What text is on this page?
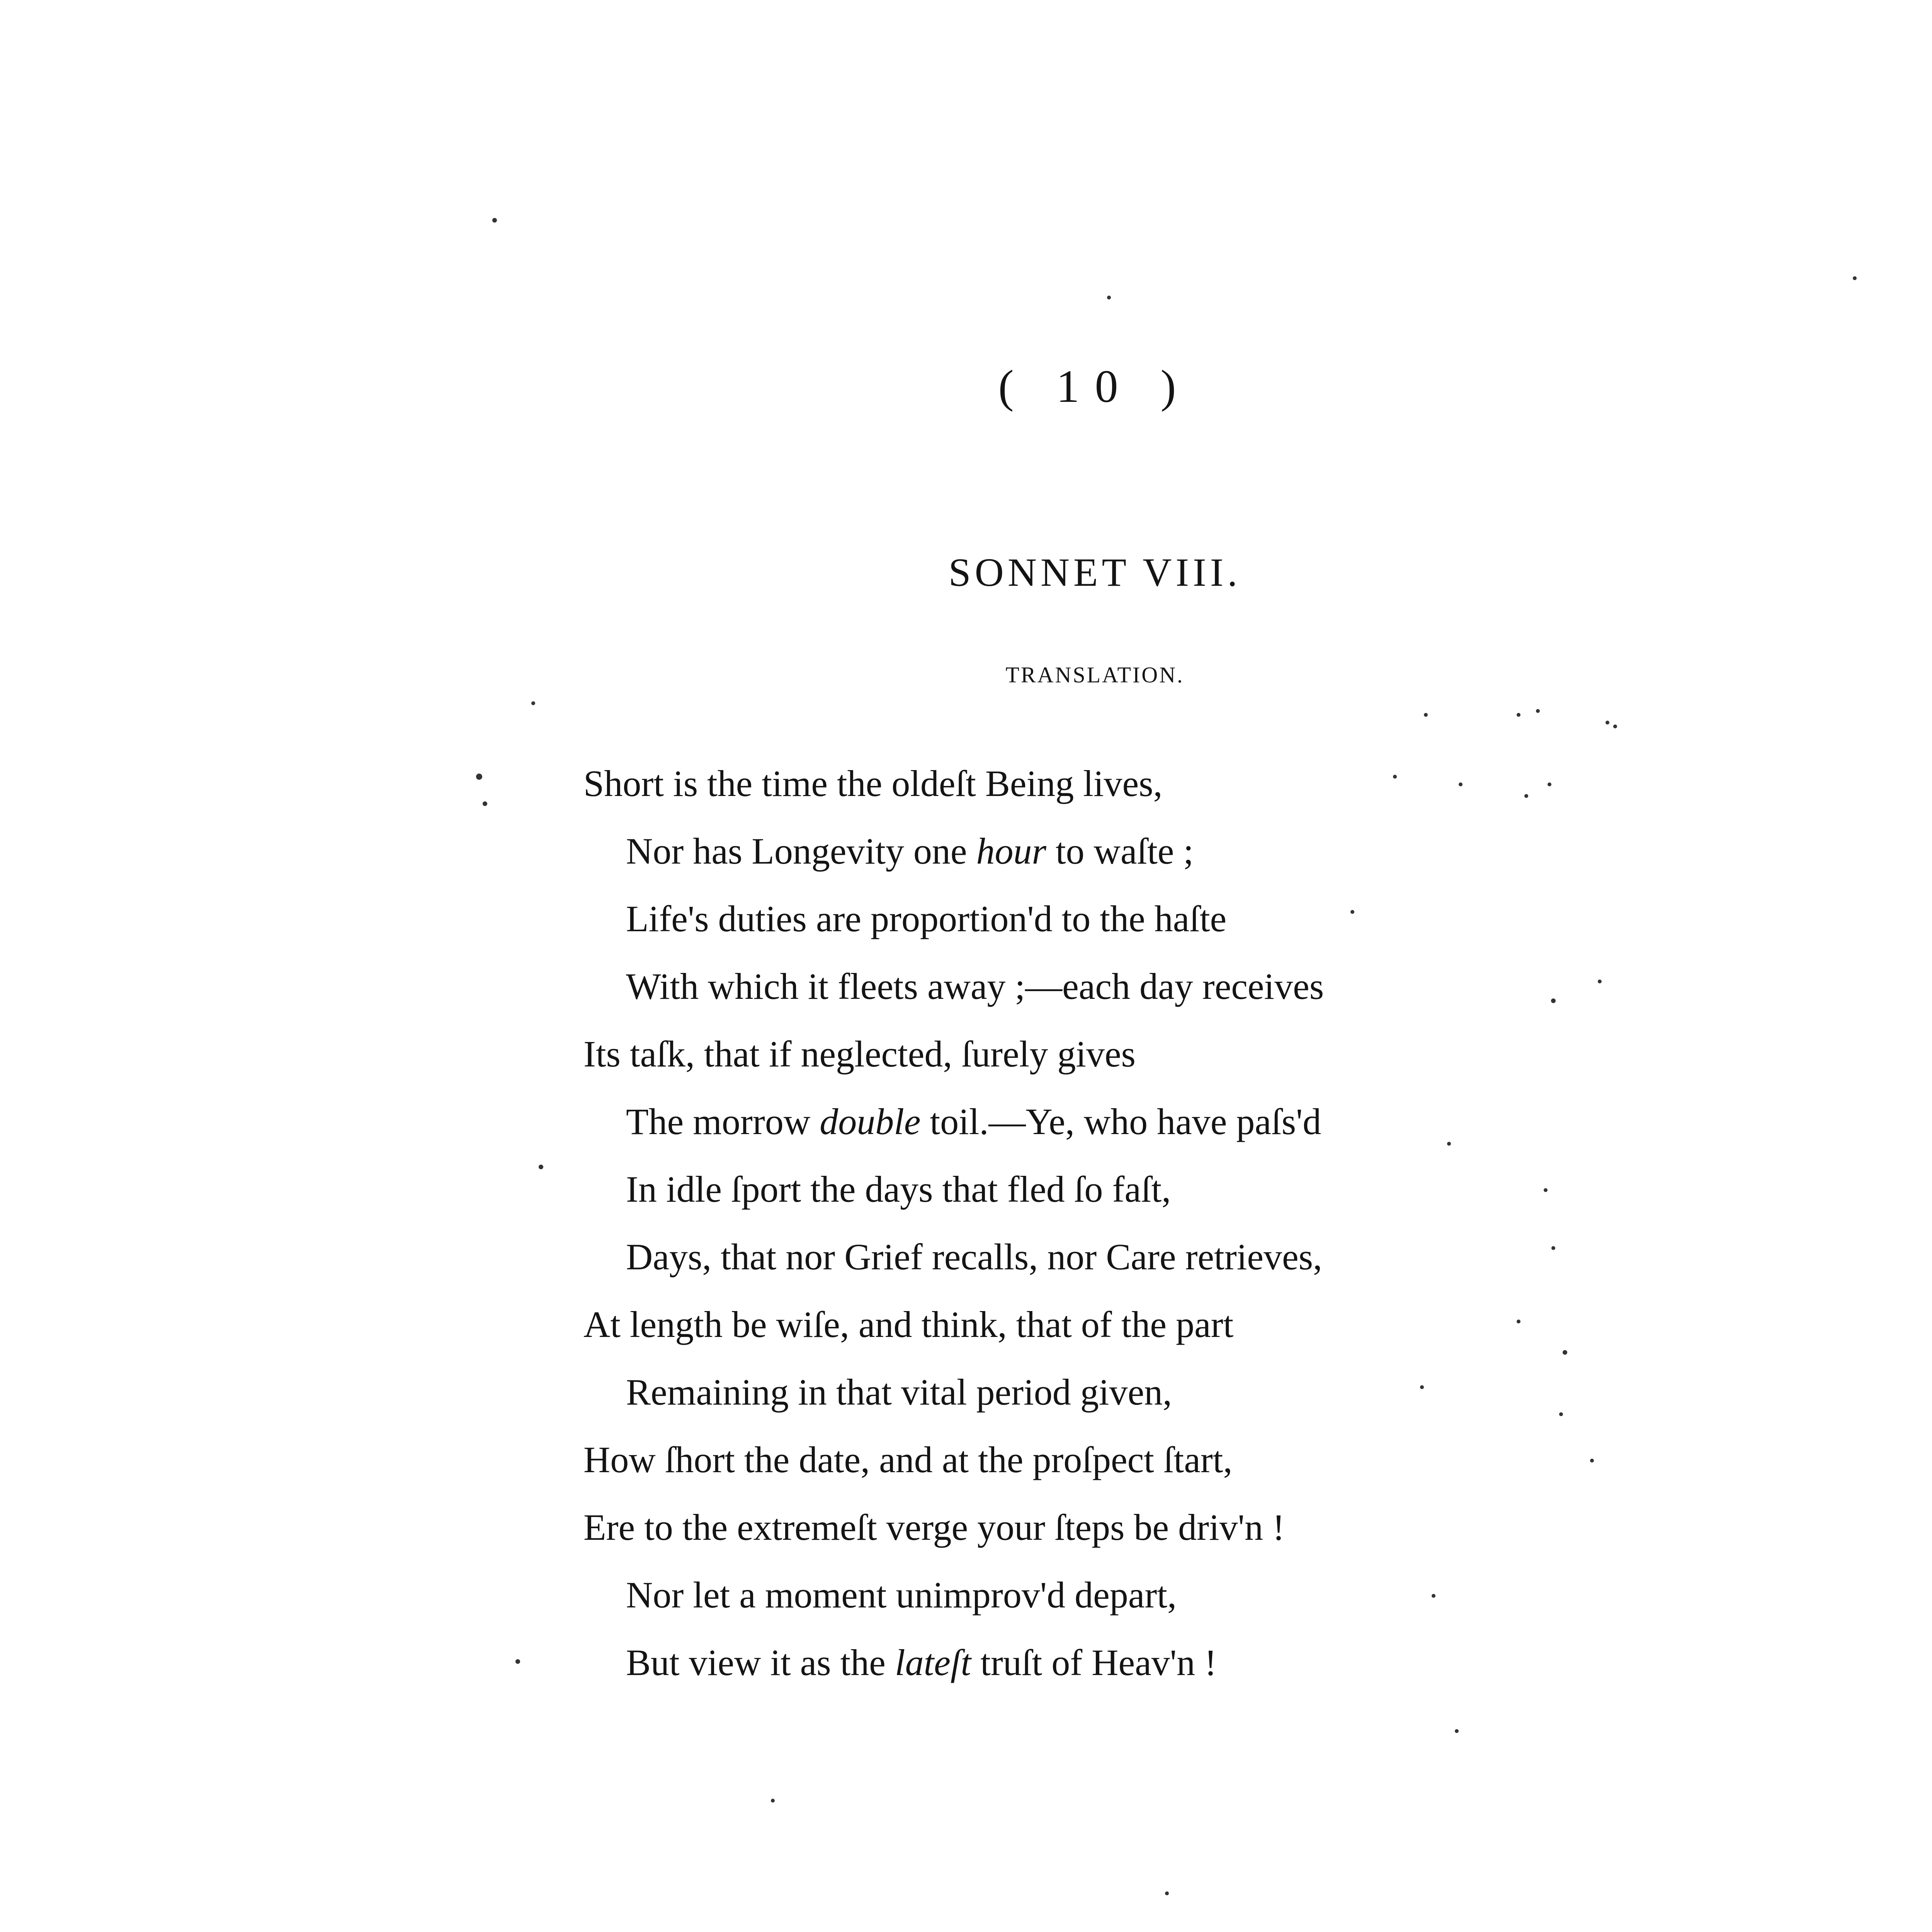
( 10 )
SONNET VIII.
TRANSLATION.
Short is the time the oldeſt Being lives,
Nor has Longevity one hour to waſte ;
Life's duties are proportion'd to the haſte
With which it fleets away ;—each day receives
Its taſk, that if neglected, ſurely gives
The morrow double toil.—Ye, who have paſs'd
In idle ſport the days that fled ſo faſt,
Days, that nor Grief recalls, nor Care retrieves,
At length be wiſe, and think, that of the part
Remaining in that vital period given,
How ſhort the date, and at the proſpect ſtart,
Ere to the extremeſt verge your ſteps be driv'n !
Nor let a moment unimprov'd depart,
But view it as the lateſt truſt of Heav'n !
